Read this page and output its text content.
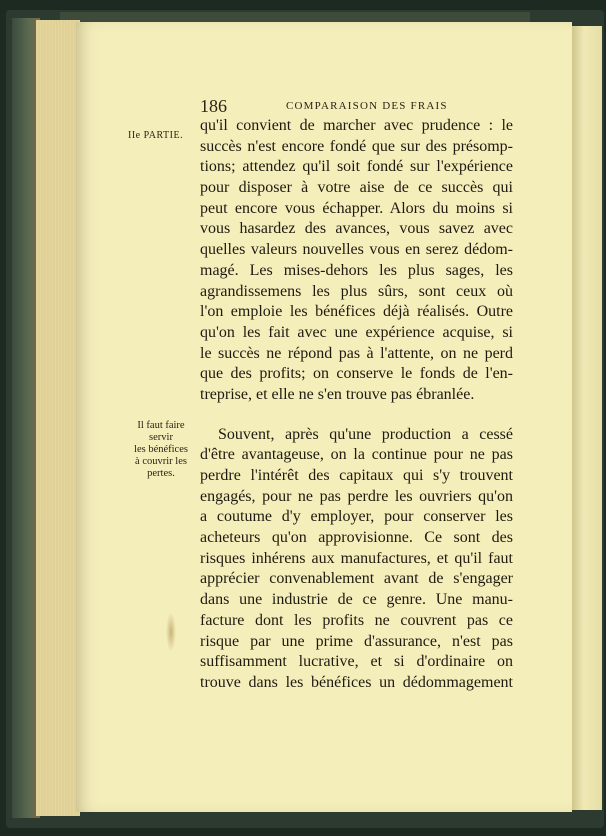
186	COMPARAISON DES FRAIS
IIe PARTIE.
Il faut faire
servir
les bénéfices
à couvrir les
pertes.
qu'il convient de marcher avec prudence : le
succès n'est encore fondé que sur des présomp-
tions; attendez qu'il soit fondé sur l'expérience
pour disposer à votre aise de ce succès qui
peut encore vous échapper. Alors du moins si
vous hasardez des avances, vous savez avec
quelles valeurs nouvelles vous en serez dédom-
magé. Les mises-dehors les plus sages, les
agrandissemens les plus sûrs, sont ceux où
l'on emploie les bénéfices déjà réalisés. Outre
qu'on les fait avec une expérience acquise, si
le succès ne répond pas à l'attente, on ne perd
que des profits; on conserve le fonds de l'en-
treprise, et elle ne s'en trouve pas ébranlée.
Souvent, après qu'une production a cessé
d'être avantageuse, on la continue pour ne pas
perdre l'intérêt des capitaux qui s'y trouvent
engagés, pour ne pas perdre les ouvriers qu'on
a coutume d'y employer, pour conserver les
acheteurs qu'on approvisionne. Ce sont des
risques inhérens aux manufactures, et qu'il faut
apprécier convenablement avant de s'engager
dans une industrie de ce genre. Une manu-
facture dont les profits ne couvrent pas ce
risque par une prime d'assurance, n'est pas
suffisamment lucrative, et si d'ordinaire on
trouve dans les bénéfices un dédommagement
